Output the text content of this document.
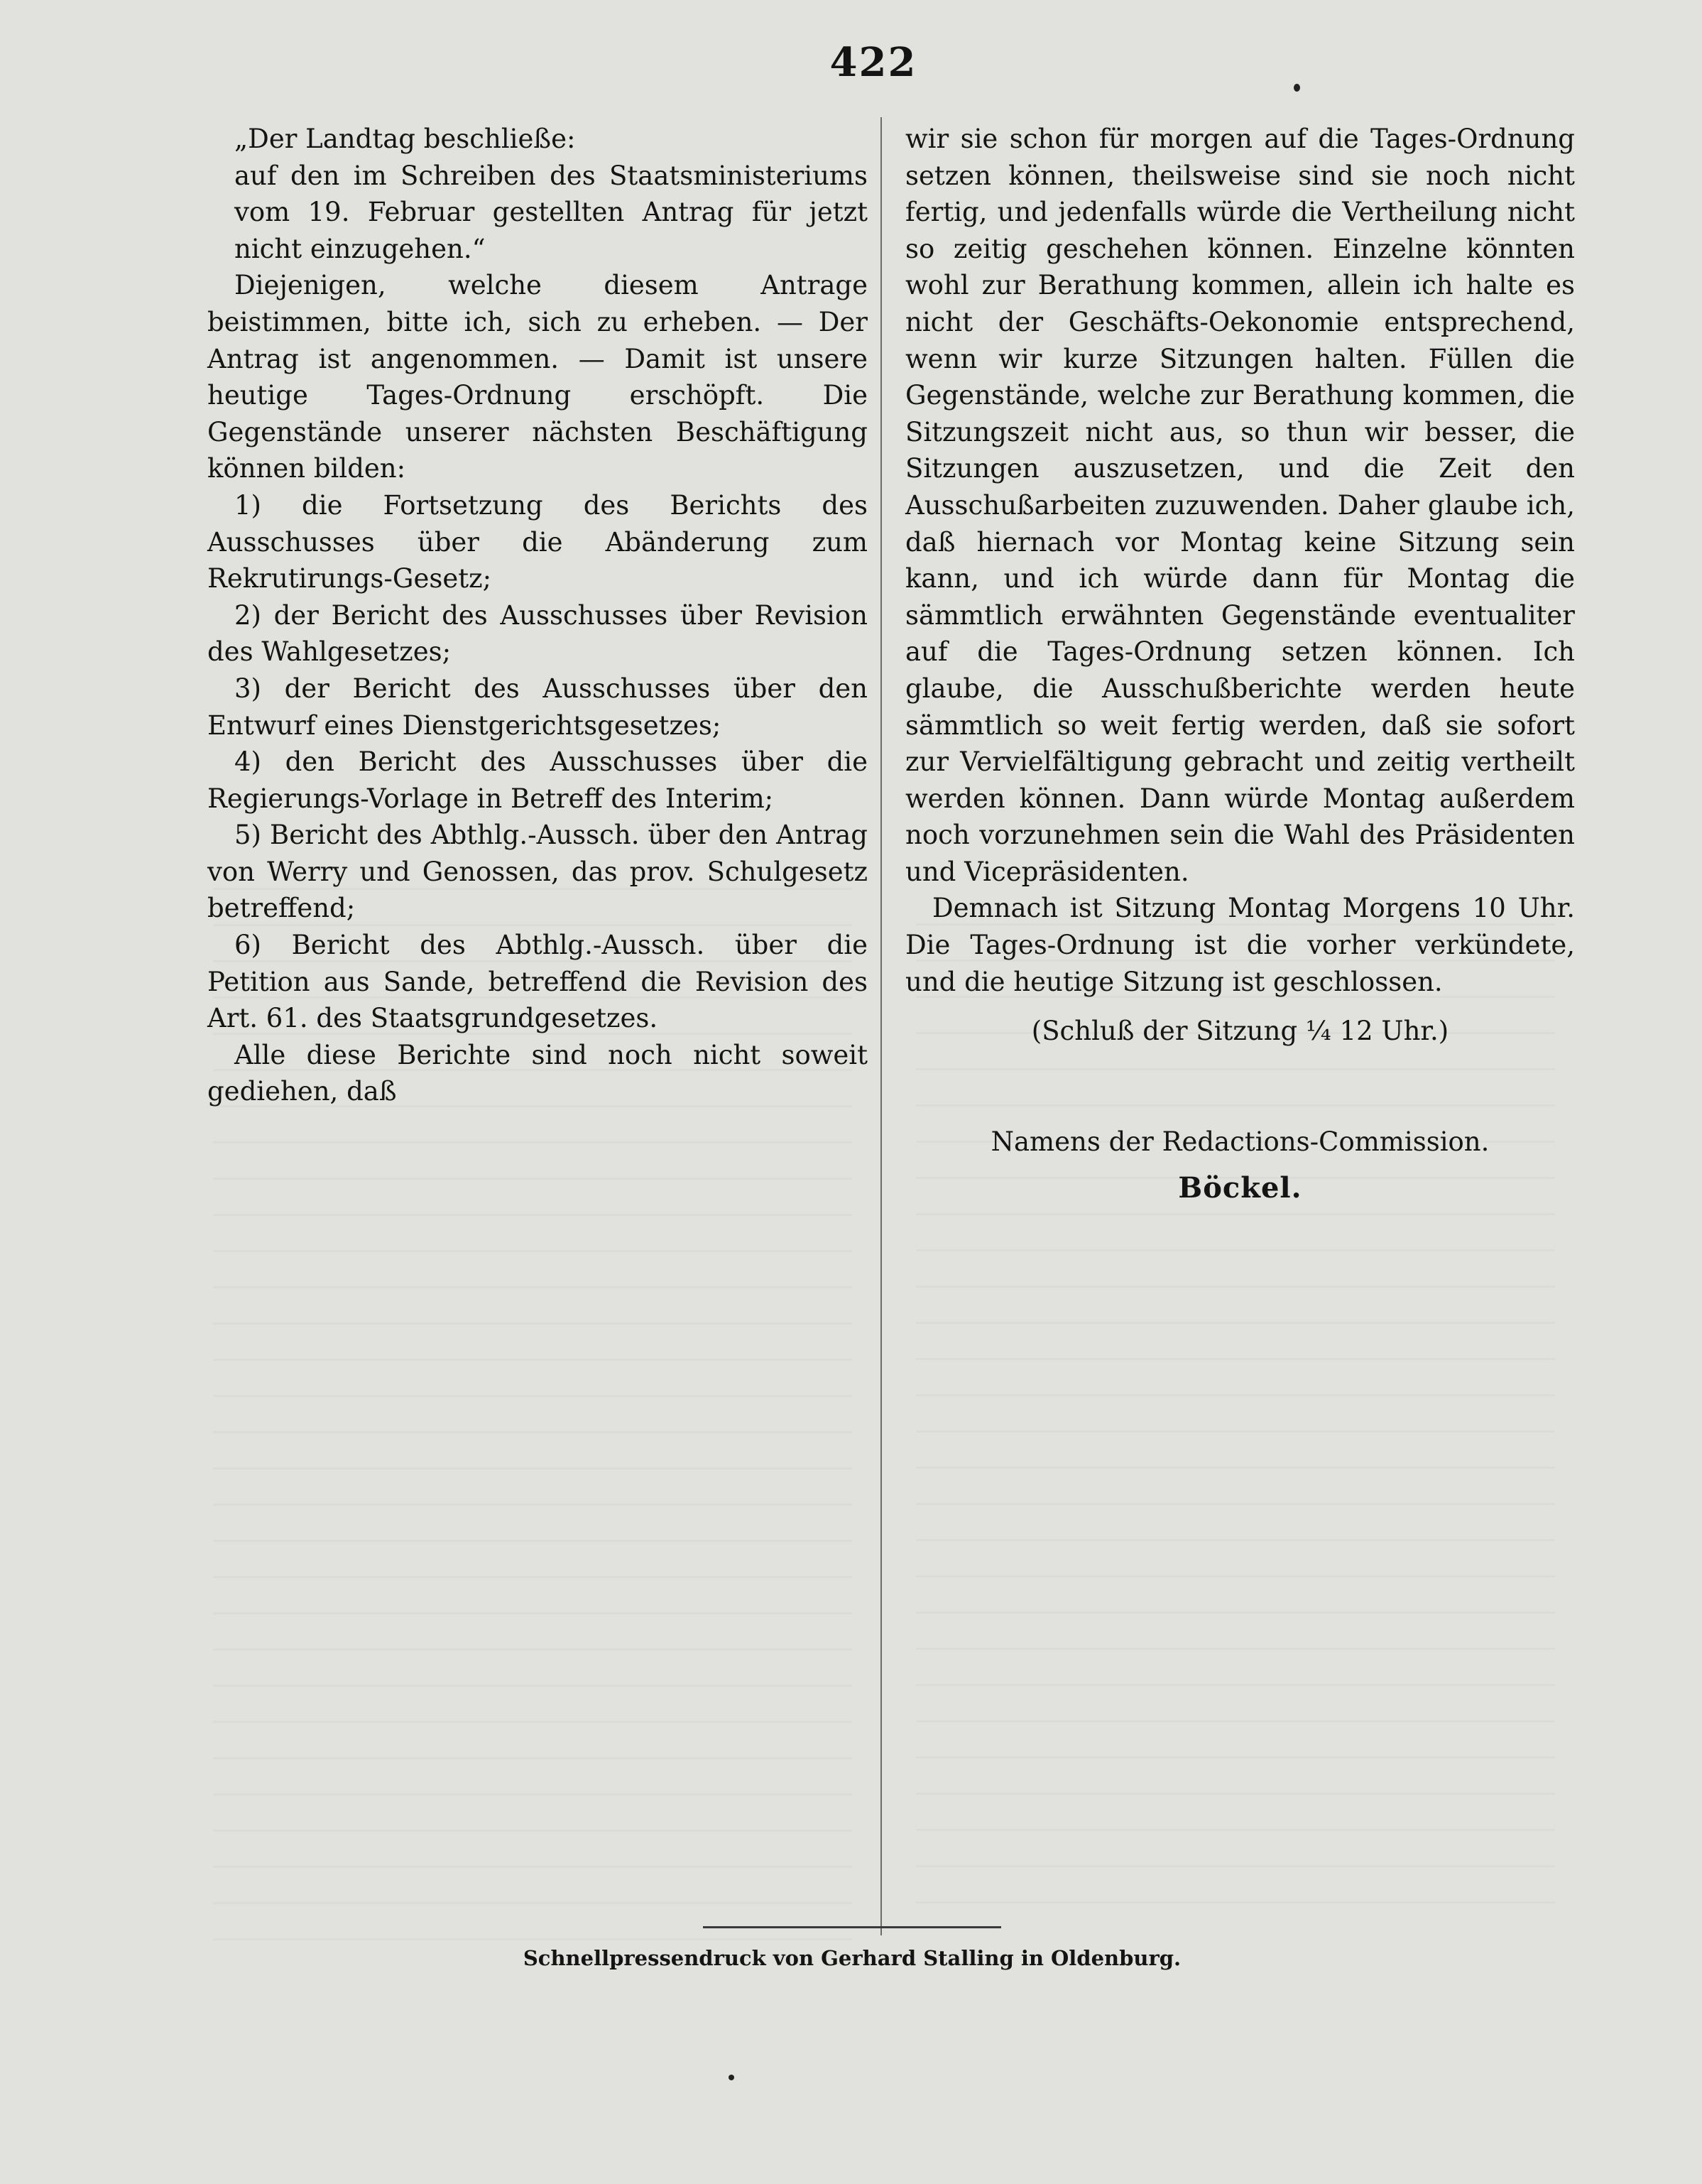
422

„Der Landtag beschließe:

auf den im Schreiben des Staatsministeriums vom 19. Februar gestellten Antrag für jetzt nicht einzugehen.“

Diejenigen, welche diesem Antrage beistimmen, bitte ich, sich zu erheben. — Der Antrag ist angenommen. — Damit ist unsere heutige Tages-Ordnung erschöpft. Die Gegenstände unserer nächsten Beschäftigung können bilden:

1) die Fortsetzung des Berichts des Ausschusses über die Abänderung zum Rekrutirungs-Gesetz;

2) der Bericht des Ausschusses über Revision des Wahlgesetzes;

3) der Bericht des Ausschusses über den Entwurf eines Dienstgerichtsgesetzes;

4) den Bericht des Ausschusses über die Regierungs-Vorlage in Betreff des Interim;

5) Bericht des Abthlg.-Aussch. über den Antrag von Werry und Genossen, das prov. Schulgesetz betreffend;

6) Bericht des Abthlg.-Aussch. über die Petition aus Sande, betreffend die Revision des Art. 61. des Staatsgrundgesetzes.

Alle diese Berichte sind noch nicht soweit gediehen, daß

wir sie schon für morgen auf die Tages-Ordnung setzen können, theilsweise sind sie noch nicht fertig, und jedenfalls würde die Vertheilung nicht so zeitig geschehen können. Einzelne könnten wohl zur Berathung kommen, allein ich halte es nicht der Geschäfts-Oekonomie entsprechend, wenn wir kurze Sitzungen halten. Füllen die Gegenstände, welche zur Berathung kommen, die Sitzungszeit nicht aus, so thun wir besser, die Sitzungen auszusetzen, und die Zeit den Ausschußarbeiten zuzuwenden. Daher glaube ich, daß hiernach vor Montag keine Sitzung sein kann, und ich würde dann für Montag die sämmtlich erwähnten Gegenstände eventualiter auf die Tages-Ordnung setzen können. Ich glaube, die Ausschußberichte werden heute sämmtlich so weit fertig werden, daß sie sofort zur Vervielfältigung gebracht und zeitig vertheilt werden können. Dann würde Montag außerdem noch vorzunehmen sein die Wahl des Präsidenten und Vicepräsidenten.

Demnach ist Sitzung Montag Morgens 10 Uhr. Die Tages-Ordnung ist die vorher verkündete, und die heutige Sitzung ist geschlossen.

(Schluß der Sitzung ¼ 12 Uhr.)

Namens der Redactions-Commission.

Böckel.

Schnellpressendruck von Gerhard Stalling in Oldenburg.
